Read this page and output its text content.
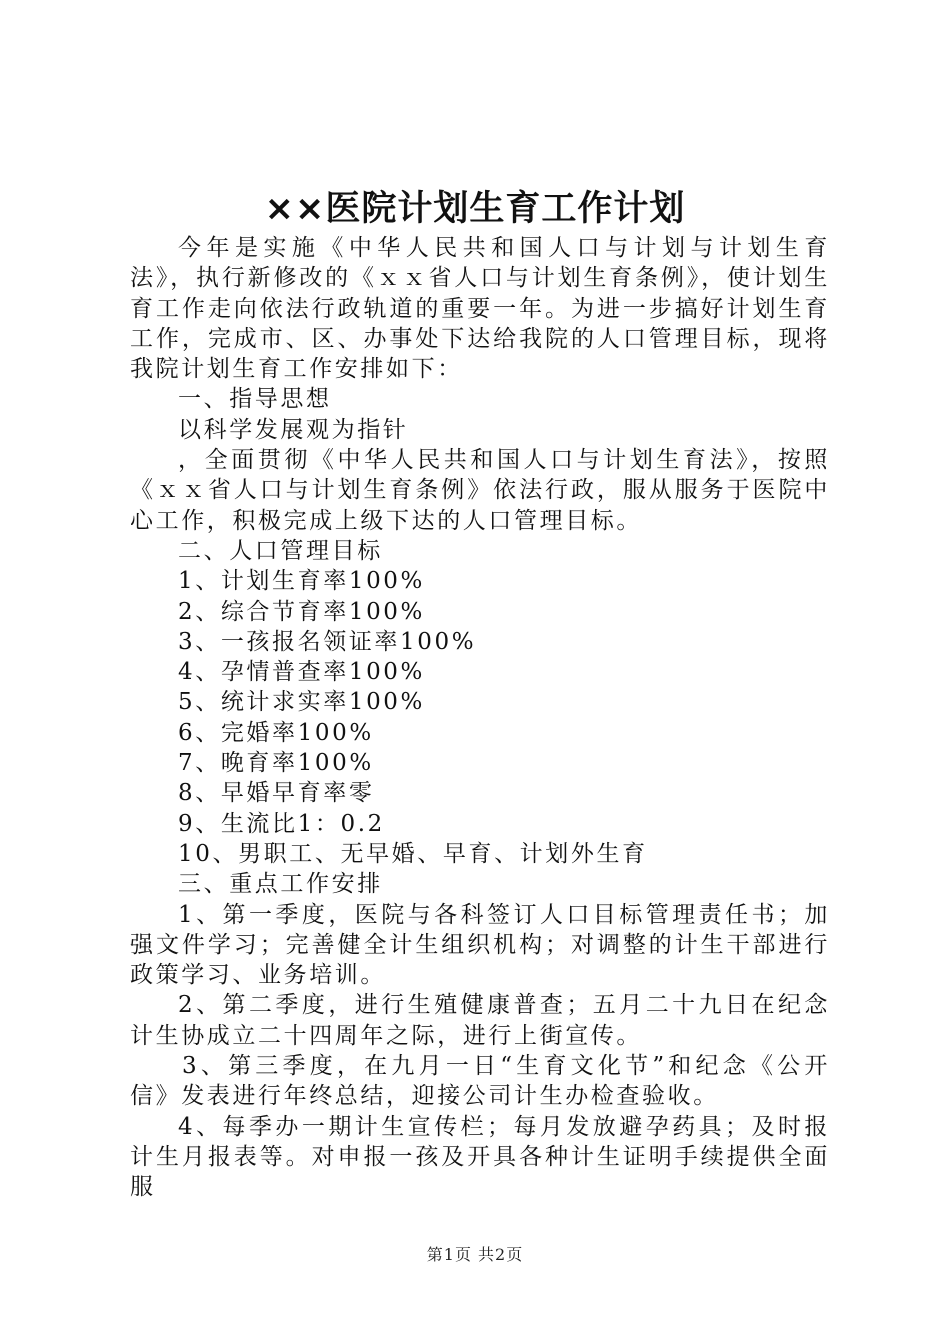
××医院计划生育工作计划

今年是实施《中华人民共和国人口与计划与计划生育法》，执行新修改的《ｘｘ省人口与计划生育条例》，使计划生育工作走向依法行政轨道的重要一年。为进一步搞好计划生育工作，完成市、区、办事处下达给我院的人口管理目标，现将我院计划生育工作安排如下：

一、指导思想

以科学发展观为指针

，全面贯彻《中华人民共和国人口与计划生育法》，按照《ｘｘ省人口与计划生育条例》依法行政，服从服务于医院中心工作，积极完成上级下达的人口管理目标。

二、人口管理目标

1、计划生育率100%

2、综合节育率100%

3、一孩报名领证率100%

4、孕情普查率100%

5、统计求实率100%

6、完婚率100%

7、晚育率100%

8、早婚早育率零

9、生流比1：0.2

10、男职工、无早婚、早育、计划外生育

三、重点工作安排

1、第一季度，医院与各科签订人口目标管理责任书；加强文件学习；完善健全计生组织机构；对调整的计生干部进行政策学习、业务培训。

2、第二季度，进行生殖健康普查；五月二十九日在纪念计生协成立二十四周年之际，进行上街宣传。

3、第三季度，在九月一日“生育文化节”和纪念《公开信》发表进行年终总结，迎接公司计生办检查验收。

4、每季办一期计生宣传栏；每月发放避孕药具；及时报计生月报表等。对申报一孩及开具各种计生证明手续提供全面服

第1页 共2页
